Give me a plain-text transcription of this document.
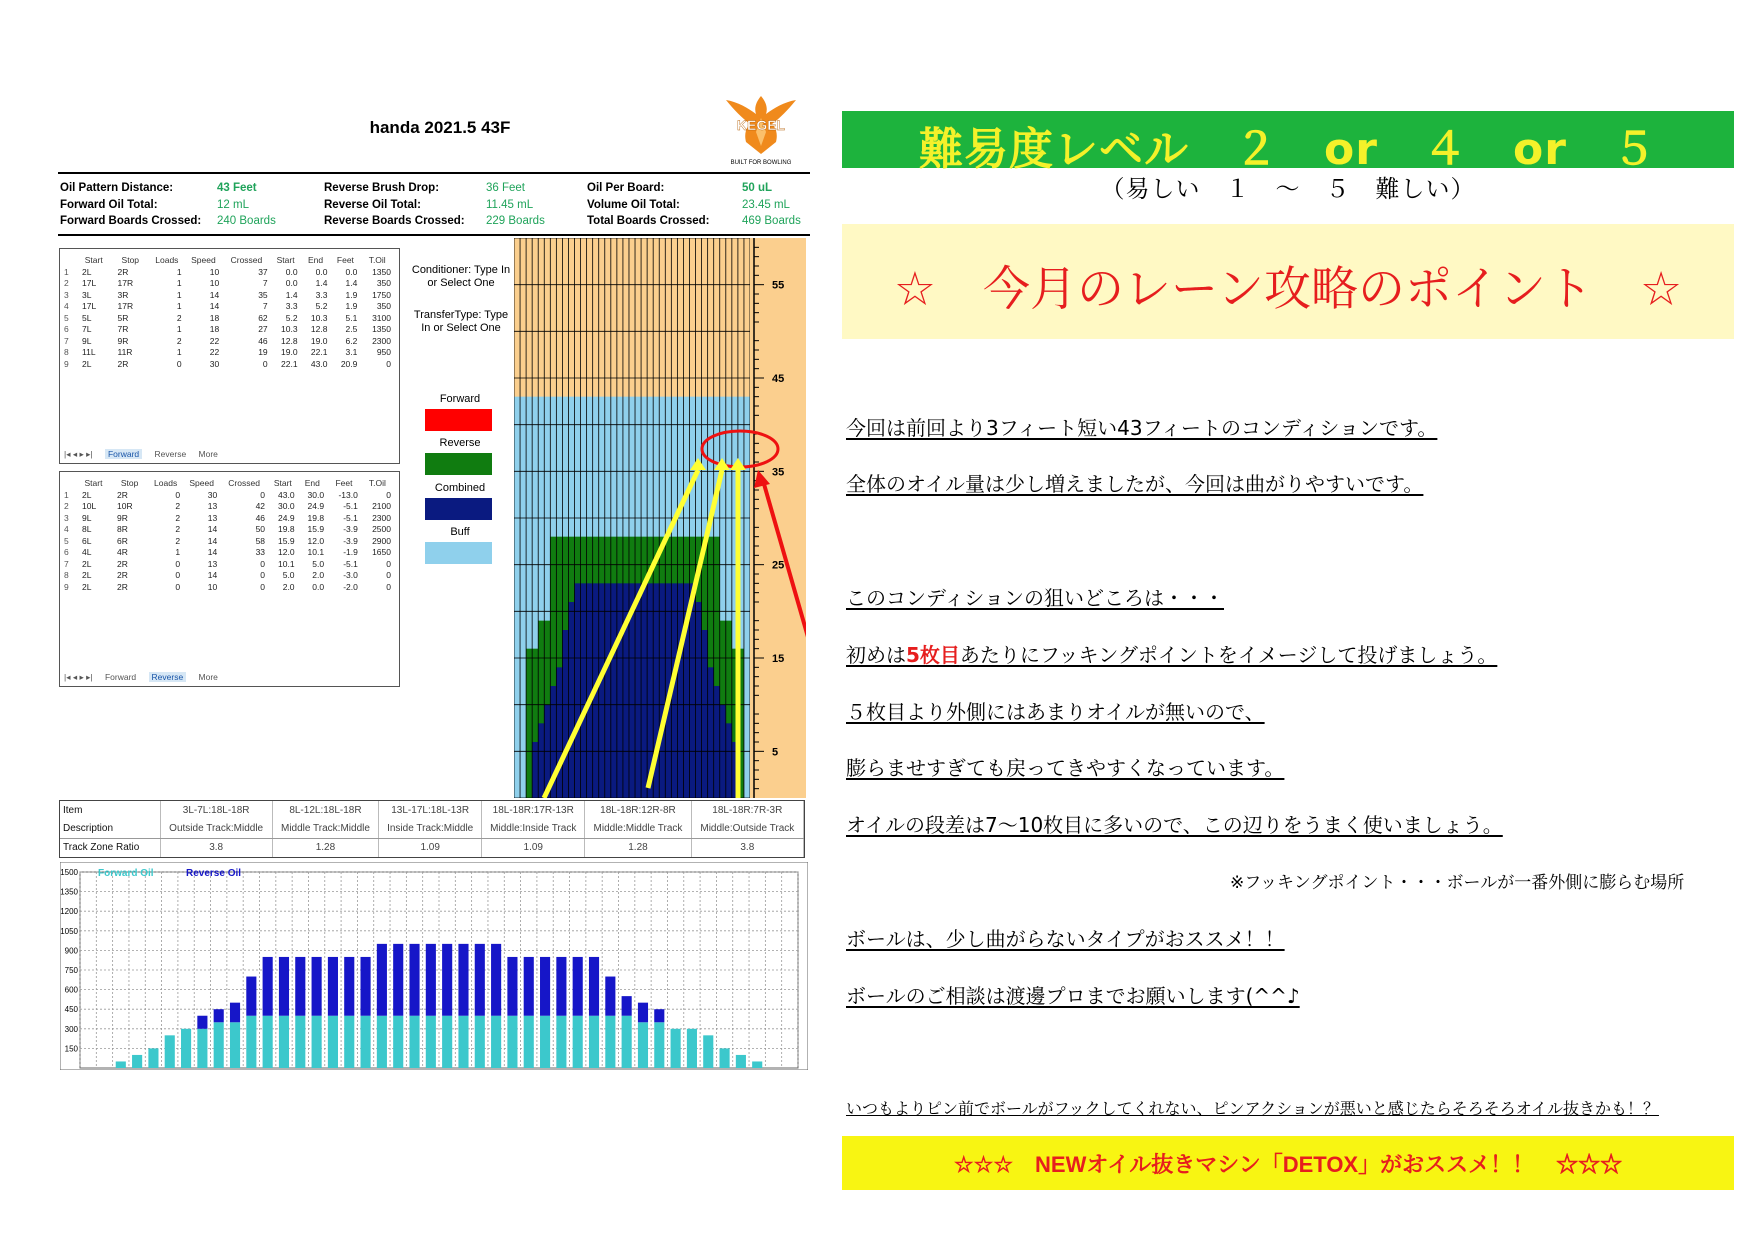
handa 2021.5 43F	KEGEL
BUILT FOR BOWLING
Oil Pattern Distance:	43 Feet
Forward Oil Total:	12 mL
Forward Boards Crossed: 240 Boards
Reverse Brush Drop:	36 Feet
Reverse Oil Total:	11.45 mL
Reverse Boards Crossed: 229 Boards
Oil Per Board:	50 uL
Volume Oil Total:	23.45 mL
Total Boards Crossed:	469 Boards
	Start	Stop	Loads	Speed	Crossed	Start	End	Feet	T.Oil
1	2L	2R	1	10	37	0.0	0.0	0.0	1350
2	17L	17R	1	10	7	0.0	1.4	1.4	350
3	3L	3R	1	14	35	1.4	3.3	1.9	1750
4	17L	17R	1	14	7	3.3	5.2	1.9	350
5	5L	5R	2	18	62	5.2	10.3	5.1	3100
6	7L	7R	1	18	27	10.3	12.8	2.5	1350
7	9L	9R	2	22	46	12.8	19.0	6.2	2300
8	11L	11R	1	22	19	19.0	22.1	3.1	950
9	2L	2R	0	30	0	22.1	43.0	20.9	0
|◂ ◂ ▸ ▸| Forward Reverse More
	Start	Stop	Loads	Speed	Crossed	Start	End	Feet	T.Oil
1	2L	2R	0	30	0	43.0	30.0	-13.0	0
2	10L	10R	2	13	42	30.0	24.9	-5.1	2100
3	9L	9R	2	13	46	24.9	19.8	-5.1	2300
4	8L	8R	2	14	50	19.8	15.9	-3.9	2500
5	6L	6R	2	14	58	15.9	12.0	-3.9	2900
6	4L	4R	1	14	33	12.0	10.1	-1.9	1650
7	2L	2R	0	13	0	10.1	5.0	-5.1	0
8	2L	2R	0	14	0	5.0	2.0	-3.0	0
9	2L	2R	0	10	0	2.0	0.0	-2.0	0
|◂ ◂ ▸ ▸| Forward Reverse More
Conditioner: Type In or Select One
TransferType: Type In or Select One
Forward
Reverse
Combined
Buff
55
45
35
25
15
5
Item	3L-7L:18L-18R	8L-12L:18L-18R	13L-17L:18L-13R	18L-18R:17R-13R	18L-18R:12R-8R	18L-18R:7R-3R
Description	Outside Track:Middle	Middle Track:Middle	Inside Track:Middle	Middle:Inside Track	Middle:Middle Track	Middle:Outside Track
Track Zone Ratio	3.8	1.28	1.09	1.09	1.28	3.8
150
300
450
600
750
900
1050
1200
1350
1500 Forward Oil	Reverse Oil
難易度レベル　２　or　４　or　５
（易しい　１　～　５　難しい）
☆　今月のレーン攻略のポイント　☆
今回は前回より3フィート短い43フィートのコンディションです。
全体のオイル量は少し増えましたが、今回は曲がりやすいです。
このコンディションの狙いどころは・・・
初めは5枚目あたりにフッキングポイントをイメージして投げましょう。
５枚目より外側にはあまりオイルが無いので、
膨らませすぎても戻ってきやすくなっています。
オイルの段差は7～10枚目に多いので、この辺りをうまく使いましょう。
※フッキングポイント・・・ボールが一番外側に膨らむ場所
ボールは、少し曲がらないタイプがおススメ！！
ボールのご相談は渡邊プロまでお願いします(^^♪
いつもよりピン前でボールがフックしてくれない、ピンアクションが悪いと感じたらそろそろオイル抜きかも！？
☆☆☆　NEWオイル抜きマシン「DETOX」がおススメ！！　☆☆☆
